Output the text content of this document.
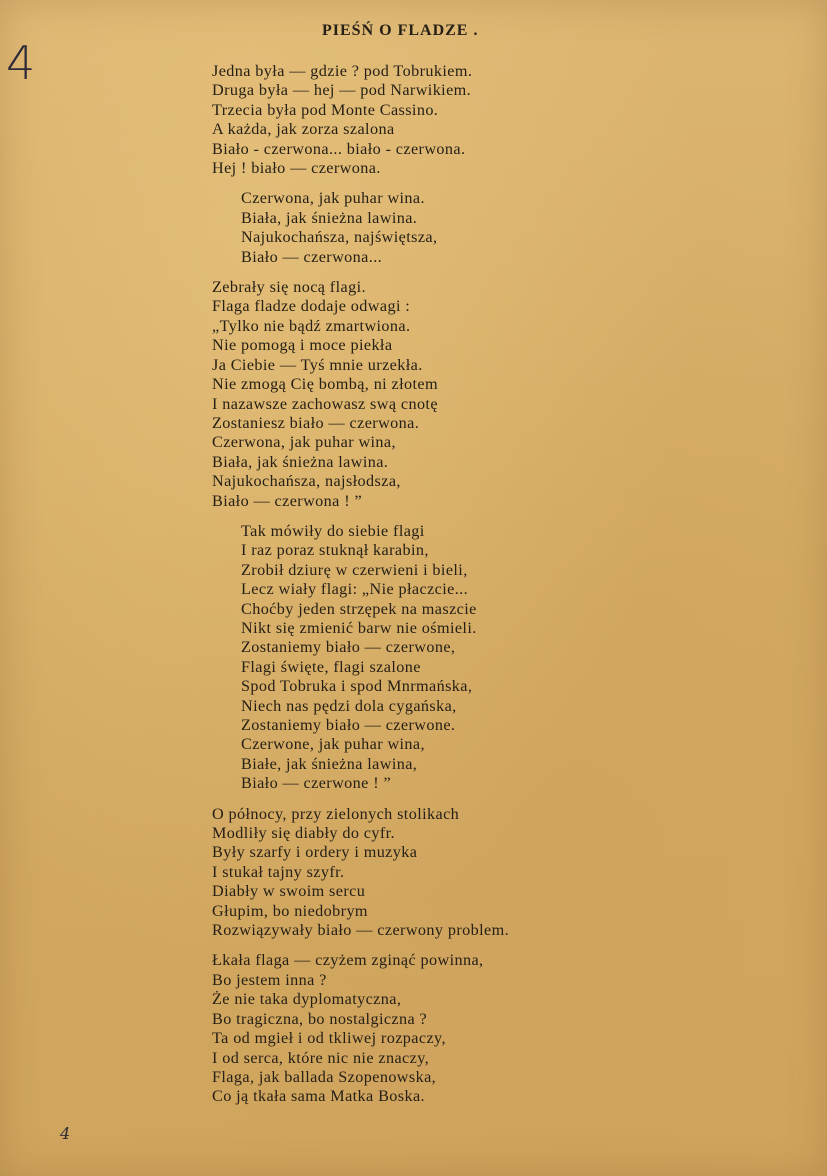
4
PIEŚŃ O FLADZE .
Jedna była — gdzie ? pod Tobrukiem.
Druga była — hej — pod Narwikiem.
Trzecia była pod Monte Cassino.
A każda, jak zorza szalona
Biało - czerwona... biało - czerwona.
Hej ! biało — czerwona.
Czerwona, jak puhar wina.
Biała, jak śnieżna lawina.
Najukochańsza, najświętsza,
Biało — czerwona...
Zebrały się nocą flagi.
Flaga fladze dodaje odwagi :
„Tylko nie bądź zmartwiona.
Nie pomogą i moce piekła
Ja Ciebie — Tyś mnie urzekła.
Nie zmogą Cię bombą, ni złotem
I nazawsze zachowasz swą cnotę
Zostaniesz biało — czerwona.
Czerwona, jak puhar wina,
Biała, jak śnieżna lawina.
Najukochańsza, najsłodsza,
Biało — czerwona ! ”
Tak mówiły do siebie flagi
I raz poraz stuknął karabin,
Zrobił dziurę w czerwieni i bieli,
Lecz wiały flagi: „Nie płaczcie...
Choćby jeden strzępek na maszcie
Nikt się zmienić barw nie ośmieli.
Zostaniemy biało — czerwone,
Flagi święte, flagi szalone
Spod Tobruka i spod Mnrmańska,
Niech nas pędzi dola cygańska,
Zostaniemy biało — czerwone.
Czerwone, jak puhar wina,
Białe, jak śnieżna lawina,
Biało — czerwone ! ”
O północy, przy zielonych stolikach
Modliły się diabły do cyfr.
Były szarfy i ordery i muzyka
I stukał tajny szyfr.
Diabły w swoim sercu
Głupim, bo niedobrym
Rozwiązywały biało — czerwony problem.
Łkała flaga — czyżem zginąć powinna,
Bo jestem inna ?
Że nie taka dyplomatyczna,
Bo tragiczna, bo nostalgiczna ?
Ta od mgieł i od tkliwej rozpaczy,
I od serca, które nic nie znaczy,
Flaga, jak ballada Szopenowska,
Co ją tkała sama Matka Boska.
4
